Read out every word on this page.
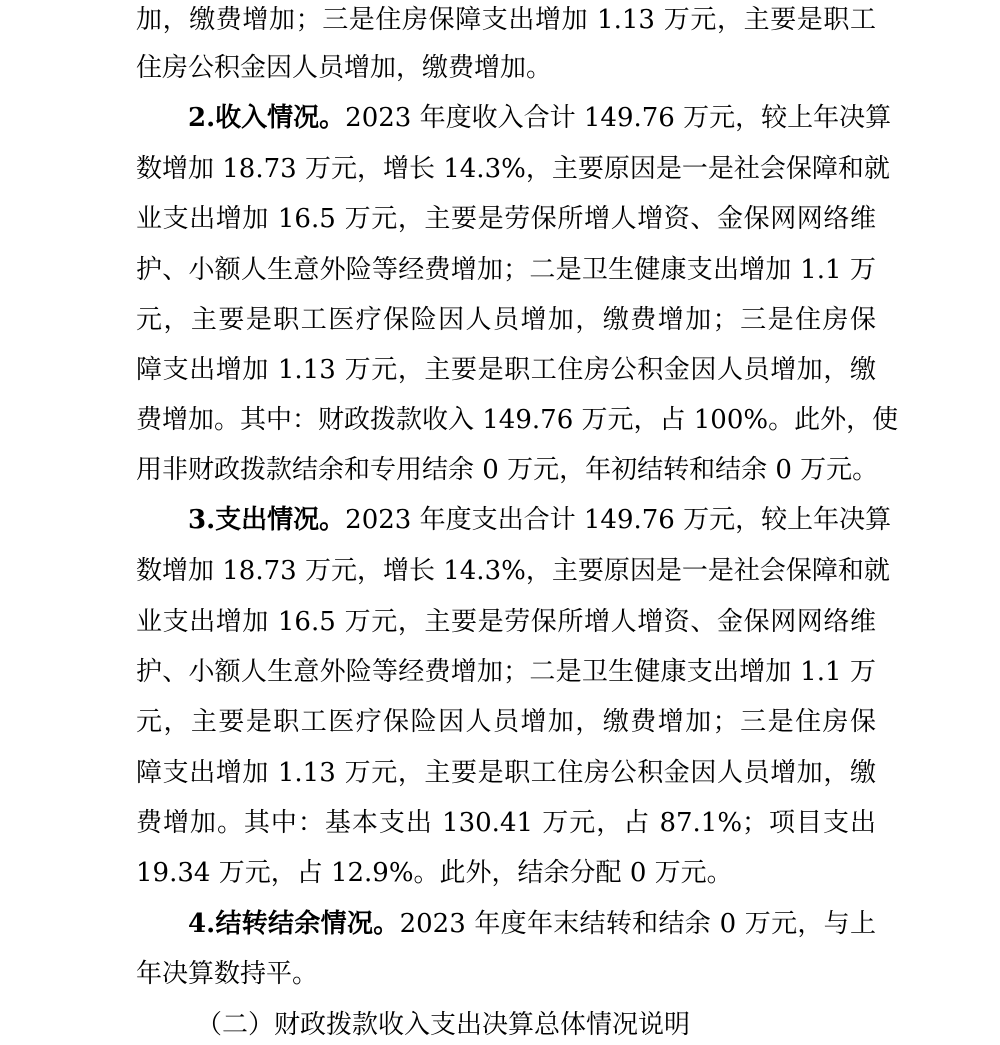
加，缴费增加；三是住房保障支出增加 1.13 万元，主要是职工
住房公积金因人员增加，缴费增加。
2.收入情况。2023 年度收入合计 149.76 万元，较上年决算
数增加 18.73 万元，增长 14.3%，主要原因是一是社会保障和就
业支出增加 16.5 万元，主要是劳保所增人增资、金保网网络维
护、小额人生意外险等经费增加；二是卫生健康支出增加 1.1 万
元，主要是职工医疗保险因人员增加，缴费增加；三是住房保
障支出增加 1.13 万元，主要是职工住房公积金因人员增加，缴
费增加。其中：财政拨款收入 149.76 万元，占 100%。此外，使
用非财政拨款结余和专用结余 0 万元，年初结转和结余 0 万元。
3.支出情况。2023 年度支出合计 149.76 万元，较上年决算
数增加 18.73 万元，增长 14.3%，主要原因是一是社会保障和就
业支出增加 16.5 万元，主要是劳保所增人增资、金保网网络维
护、小额人生意外险等经费增加；二是卫生健康支出增加 1.1 万
元，主要是职工医疗保险因人员增加，缴费增加；三是住房保
障支出增加 1.13 万元，主要是职工住房公积金因人员增加，缴
费增加。其中：基本支出 130.41 万元，占 87.1%；项目支出
19.34 万元，占 12.9%。此外，结余分配 0 万元。
4.结转结余情况。2023 年度年末结转和结余 0 万元，与上
年决算数持平。
（二）财政拨款收入支出决算总体情况说明
